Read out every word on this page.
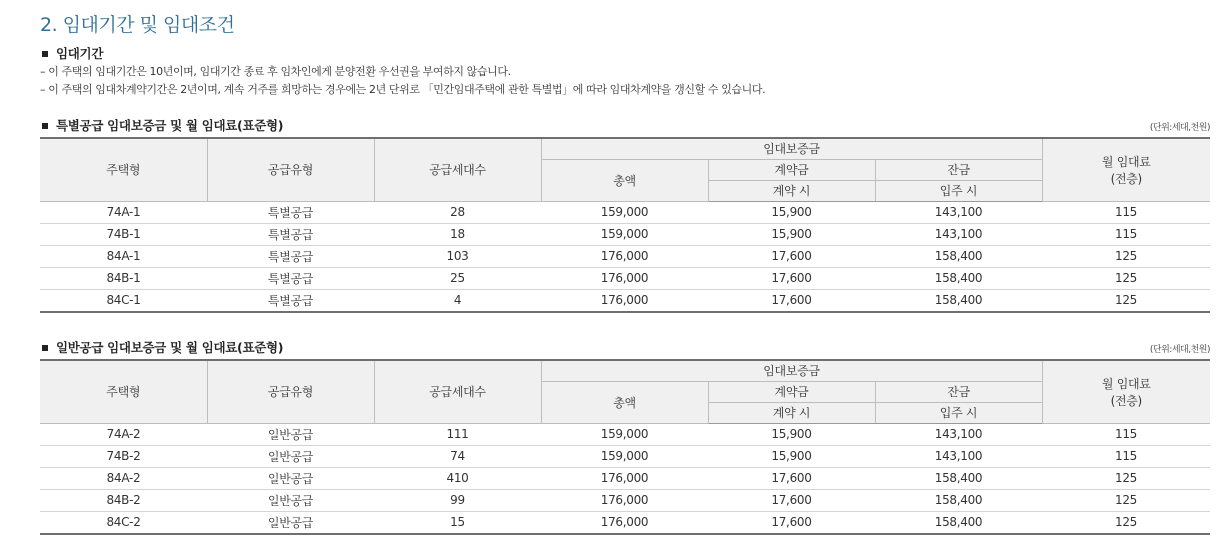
2. 임대기간 및 임대조건
임대기간
– 이 주택의 임대기간은 10년이며, 임대기간 종료 후 임차인에게 분양전환 우선권을 부여하지 않습니다.
– 이 주택의 임대차계약기간은 2년이며, 계속 거주를 희망하는 경우에는 2년 단위로 「민간임대주택에 관한 특별법」에 따라 임대차계약을 갱신할 수 있습니다.
특별공급 임대보증금 및 월 임대료(표준형)	(단위:세대,천원)
주택형	공급유형	공급세대수	임대보증금			월 임대료
(전층)
			총액	계약금	잔금	
				계약 시	입주 시	
74A-1	특별공급	28	159,000	15,900	143,100	115
74B-1	특별공급	18	159,000	15,900	143,100	115
84A-1	특별공급	103	176,000	17,600	158,400	125
84B-1	특별공급	25	176,000	17,600	158,400	125
84C-1	특별공급	4	176,000	17,600	158,400	125
일반공급 임대보증금 및 월 임대료(표준형)	(단위:세대,천원)
주택형	공급유형	공급세대수	임대보증금			월 임대료
(전층)
			총액	계약금	잔금	
				계약 시	입주 시	
74A-2	일반공급	111	159,000	15,900	143,100	115
74B-2	일반공급	74	159,000	15,900	143,100	115
84A-2	일반공급	410	176,000	17,600	158,400	125
84B-2	일반공급	99	176,000	17,600	158,400	125
84C-2	일반공급	15	176,000	17,600	158,400	125
